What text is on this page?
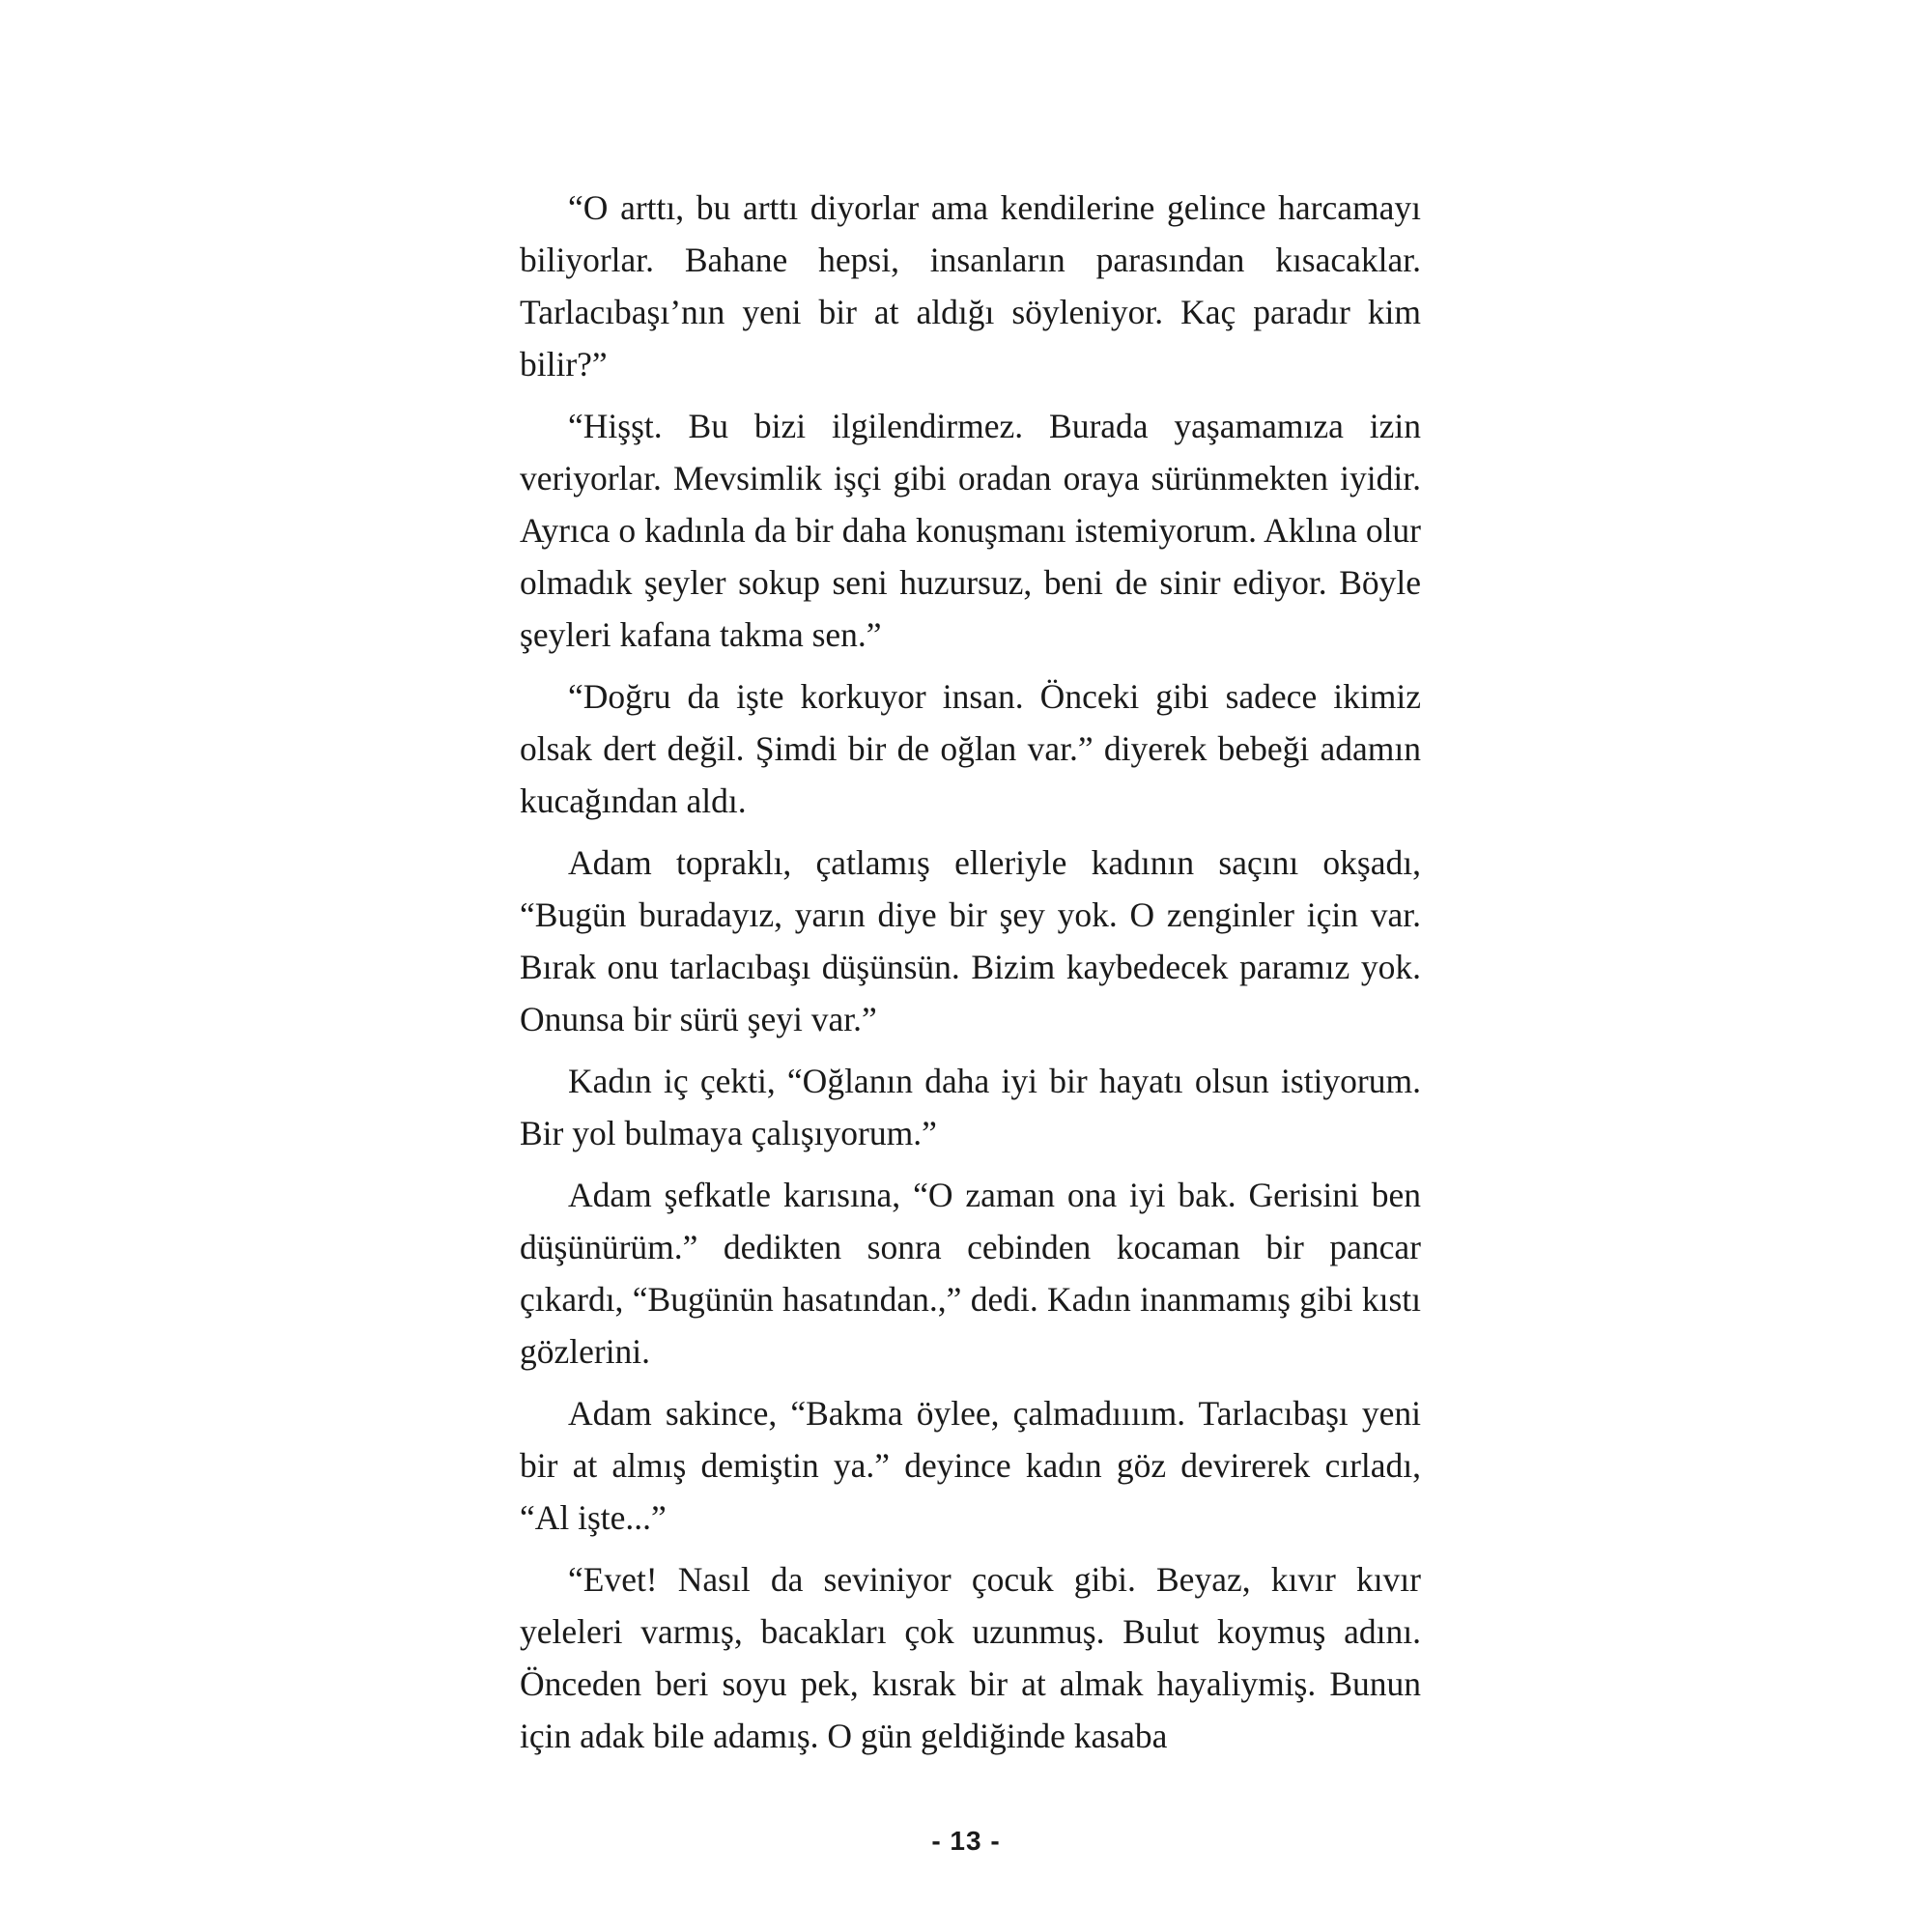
“O arttı, bu arttı diyorlar ama kendilerine gelince harcamayı biliyorlar. Bahane hepsi, insanların parasından kısacaklar. Tarlacıbaşı’nın yeni bir at aldığı söyleniyor. Kaç paradır kim bilir?”

“Hişşt. Bu bizi ilgilendirmez. Burada yaşamamıza izin veriyorlar. Mevsimlik işçi gibi oradan oraya sürünmekten iyidir. Ayrıca o kadınla da bir daha konuşmanı istemiyorum. Aklına olur olmadık şeyler sokup seni huzursuz, beni de sinir ediyor. Böyle şeyleri kafana takma sen.”

“Doğru da işte korkuyor insan. Önceki gibi sadece ikimiz olsak dert değil. Şimdi bir de oğlan var.” diyerek bebeği adamın kucağından aldı.

Adam topraklı, çatlamış elleriyle kadının saçını okşadı, “Bugün buradayız, yarın diye bir şey yok. O zenginler için var. Bırak onu tarlacıbaşı düşünsün. Bizim kaybedecek paramız yok. Onunsa bir sürü şeyi var.”

Kadın iç çekti, “Oğlanın daha iyi bir hayatı olsun istiyorum. Bir yol bulmaya çalışıyorum.”

Adam şefkatle karısına, “O zaman ona iyi bak. Gerisini ben düşünürüm.” dedikten sonra cebinden kocaman bir pancar çıkardı, “Bugünün hasatından.,” dedi. Kadın inanmamış gibi kıstı gözlerini.

Adam sakince, “Bakma öylee, çalmadıııım. Tarlacıbaşı yeni bir at almış demiştin ya.” deyince kadın göz devirerek cırladı, “Al işte...”

“Evet! Nasıl da seviniyor çocuk gibi. Beyaz, kıvır kıvır yeleleri varmış, bacakları çok uzunmuş. Bulut koymuş adını. Önceden beri soyu pek, kısrak bir at almak hayaliymiş. Bunun için adak bile adamış. O gün geldiğinde kasaba

- 13 -
